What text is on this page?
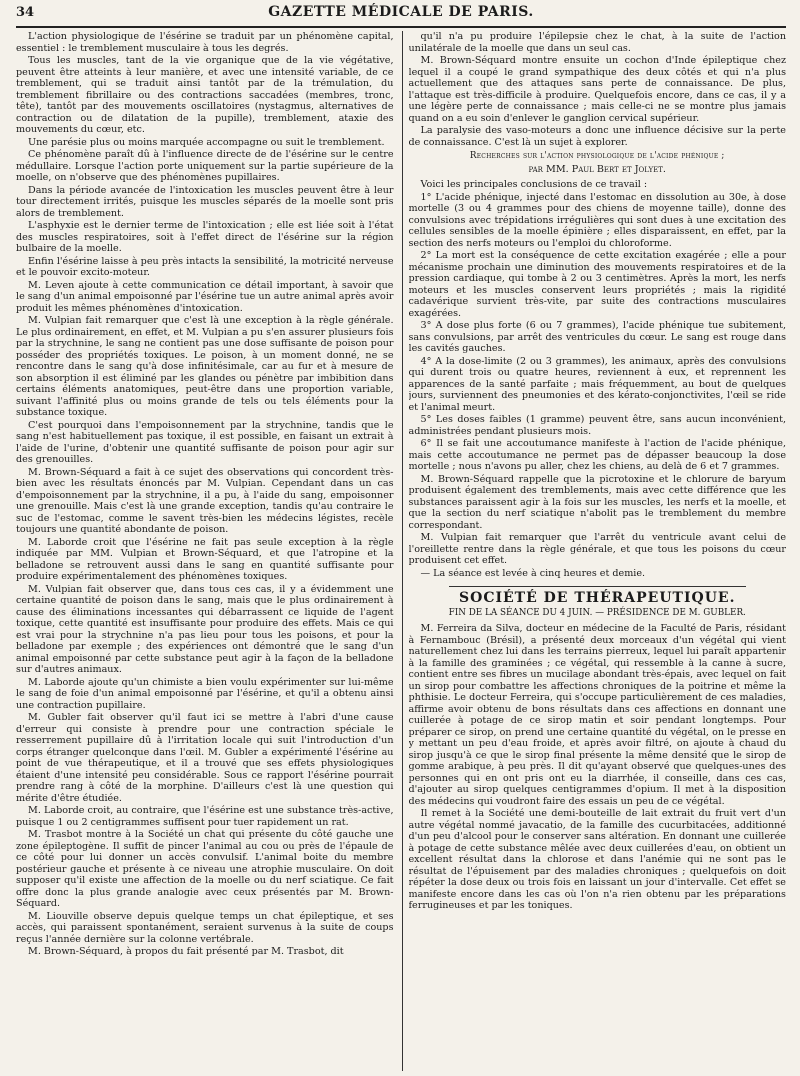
34	GAZETTE MÉDICALE DE PARIS.

L'action physiologique de l'ésérine se traduit par un phénomène capital, essentiel : le tremblement musculaire à tous les degrés.

Tous les muscles, tant de la vie organique que de la vie végétative, peuvent être atteints à leur manière, et avec une intensité variable, de ce tremblement, qui se traduit ainsi tantôt par de la trémulation, du tremblement fibrillaire ou des contractions saccadées (membres, tronc, tête), tantôt par des mouvements oscillatoires (nystagmus, alternatives de contraction ou de dilatation de la pupille), tremblement, ataxie des mouvements du cœur, etc.

Une parésie plus ou moins marquée accompagne ou suit le tremblement.

Ce phénomène paraît dû à l'influence directe de de l'ésérine sur le centre médullaire. Lorsque l'action porte uniquement sur la partie supérieure de la moelle, on n'observe que des phénomènes pupillaires.

Dans la période avancée de l'intoxication les muscles peuvent être à leur tour directement irrités, puisque les muscles séparés de la moelle sont pris alors de tremblement.

L'asphyxie est le dernier terme de l'intoxication ; elle est liée soit à l'état des muscles respiratoires, soit à l'effet direct de l'ésérine sur la région bulbaire de la moelle.

Enfin l'ésérine laisse à peu près intacts la sensibilité, la motricité nerveuse et le pouvoir excito-moteur.

M. Leven ajoute à cette communication ce détail important, à savoir que le sang d'un animal empoisonné par l'ésérine tue un autre animal après avoir produit les mêmes phénomènes d'intoxication.

M. Vulpian fait remarquer que c'est là une exception à la règle générale. Le plus ordinairement, en effet, et M. Vulpian a pu s'en assurer plusieurs fois par la strychnine, le sang ne contient pas une dose suffisante de poison pour posséder des propriétés toxiques. Le poison, à un moment donné, ne se rencontre dans le sang qu'à dose infinitésimale, car au fur et à mesure de son absorption il est éliminé par les glandes ou pénètre par imbibition dans certains éléments anatomiques, peut-être dans une proportion variable, suivant l'affinité plus ou moins grande de tels ou tels éléments pour la substance toxique.

C'est pourquoi dans l'empoisonnement par la strychnine, tandis que le sang n'est habituellement pas toxique, il est possible, en faisant un extrait à l'aide de l'urine, d'obtenir une quantité suffisante de poison pour agir sur des grenouilles.

M. Brown-Séquard a fait à ce sujet des observations qui concordent très-bien avec les résultats énoncés par M. Vulpian. Cependant dans un cas d'empoisonnement par la strychnine, il a pu, à l'aide du sang, empoisonner une grenouille. Mais c'est là une grande exception, tandis qu'au contraire le suc de l'estomac, comme le savent très-bien les médecins légistes, recèle toujours une quantité abondante de poison.

M. Laborde croit que l'ésérine ne fait pas seule exception à la règle indiquée par MM. Vulpian et Brown-Séquard, et que l'atropine et la belladone se retrouvent aussi dans le sang en quantité suffisante pour produire expérimentalement des phénomènes toxiques.

M. Vulpian fait observer que, dans tous ces cas, il y a évidemment une certaine quantité de poison dans le sang, mais que le plus ordinairement à cause des éliminations incessantes qui débarrassent ce liquide de l'agent toxique, cette quantité est insuffisante pour produire des effets. Mais ce qui est vrai pour la strychnine n'a pas lieu pour tous les poisons, et pour la belladone par exemple ; des expériences ont démontré que le sang d'un animal empoisonné par cette substance peut agir à la façon de la belladone sur d'autres animaux.

M. Laborde ajoute qu'un chimiste a bien voulu expérimenter sur lui-même le sang de foie d'un animal empoisonné par l'ésérine, et qu'il a obtenu ainsi une contraction pupillaire.

M. Gubler fait observer qu'il faut ici se mettre à l'abri d'une cause d'erreur qui consiste à prendre pour une contraction spéciale le resserrement pupillaire dû à l'irritation locale qui suit l'introduction d'un corps étranger quelconque dans l'œil. M. Gubler a expérimenté l'ésérine au point de vue thérapeutique, et il a trouvé que ses effets physiologiques étaient d'une intensité peu considérable. Sous ce rapport l'ésérine pourrait prendre rang à côté de la morphine. D'ailleurs c'est là une question qui mérite d'être étudiée.

M. Laborde croit, au contraire, que l'ésérine est une substance très-active, puisque 1 ou 2 centigrammes suffisent pour tuer rapidement un rat.

M. Trasbot montre à la Société un chat qui présente du côté gauche une zone épileptogène. Il suffit de pincer l'animal au cou ou près de l'épaule de ce côté pour lui donner un accès convulsif. L'animal boite du membre postérieur gauche et présente à ce niveau une atrophie musculaire. On doit supposer qu'il existe une affection de la moelle ou du nerf sciatique. Ce fait offre donc la plus grande analogie avec ceux présentés par M. Brown-Séquard.

M. Liouville observe depuis quelque temps un chat épileptique, et ses accès, qui paraissent spontanément, seraient survenus à la suite de coups reçus l'année dernière sur la colonne vertébrale.

M. Brown-Séquard, à propos du fait présenté par M. Trasbot, dit

qu'il n'a pu produire l'épilepsie chez le chat, à la suite de l'action unilatérale de la moelle que dans un seul cas.

M. Brown-Séquard montre ensuite un cochon d'Inde épileptique chez lequel il a coupé le grand sympathique des deux côtés et qui n'a plus actuellement que des attaques sans perte de connaissance. De plus, l'attaque est très-difficile à produire. Quelquefois encore, dans ce cas, il y a une légère perte de connaissance ; mais celle-ci ne se montre plus jamais quand on a eu soin d'enlever le ganglion cervical supérieur.

La paralysie des vaso-moteurs a donc une influence décisive sur la perte de connaissance. C'est là un sujet à explorer.

Recherches sur l'action physiologique de l'acide phénique ;
par MM. Paul Bert et Jolyet.

Voici les principales conclusions de ce travail :

1° L'acide phénique, injecté dans l'estomac en dissolution au 30e, à dose mortelle (3 ou 4 grammes pour des chiens de moyenne taille), donne des convulsions avec trépidations irrégulières qui sont dues à une excitation des cellules sensibles de la moelle épinière ; elles disparaissent, en effet, par la section des nerfs moteurs ou l'emploi du chloroforme.

2° La mort est la conséquence de cette excitation exagérée ; elle a pour mécanisme prochain une diminution des mouvements respiratoires et de la pression cardiaque, qui tombe à 2 ou 3 centimètres. Après la mort, les nerfs moteurs et les muscles conservent leurs propriétés ; mais la rigidité cadavérique survient très-vite, par suite des contractions musculaires exagérées.

3° A dose plus forte (6 ou 7 grammes), l'acide phénique tue subitement, sans convulsions, par arrêt des ventricules du cœur. Le sang est rouge dans les cavités gauches.

4° A la dose-limite (2 ou 3 grammes), les animaux, après des convulsions qui durent trois ou quatre heures, reviennent à eux, et reprennent les apparences de la santé parfaite ; mais fréquemment, au bout de quelques jours, surviennent des pneumonies et des kérato-conjonctivites, l'œil se ride et l'animal meurt.

5° Les doses faibles (1 gramme) peuvent être, sans aucun inconvénient, administrées pendant plusieurs mois.

6° Il se fait une accoutumance manifeste à l'action de l'acide phénique, mais cette accoutumance ne permet pas de dépasser beaucoup la dose mortelle ; nous n'avons pu aller, chez les chiens, au delà de 6 et 7 grammes.

M. Brown-Séquard rappelle que la picrotoxine et le chlorure de baryum produisent également des tremblements, mais avec cette différence que les substances paraissent agir à la fois sur les muscles, les nerfs et la moelle, et que la section du nerf sciatique n'abolit pas le tremblement du membre correspondant.

M. Vulpian fait remarquer que l'arrêt du ventricule avant celui de l'oreillette rentre dans la règle générale, et que tous les poisons du cœur produisent cet effet.

— La séance est levée à cinq heures et demie.

SOCIÉTÉ DE THÉRAPEUTIQUE.
FIN DE LA SÉANCE DU 4 JUIN. — PRÉSIDENCE DE M. GUBLER.

M. Ferreira da Silva, docteur en médecine de la Faculté de Paris, résidant à Fernambouc (Brésil), a présenté deux morceaux d'un végétal qui vient naturellement chez lui dans les terrains pierreux, lequel lui paraît appartenir à la famille des graminées ; ce végétal, qui ressemble à la canne à sucre, contient entre ses fibres un mucilage abondant très-épais, avec lequel on fait un sirop pour combattre les affections chroniques de la poitrine et même la phthisie. Le docteur Ferreira, qui s'occupe particulièrement de ces maladies, affirme avoir obtenu de bons résultats dans ces affections en donnant une cuillerée à potage de ce sirop matin et soir pendant longtemps. Pour préparer ce sirop, on prend une certaine quantité du végétal, on le presse en y mettant un peu d'eau froide, et après avoir filtré, on ajoute à chaud du sirop jusqu'à ce que le sirop final présente la même densité que le sirop de gomme arabique, à peu près. Il dit qu'ayant observé que quelques-unes des personnes qui en ont pris ont eu la diarrhée, il conseille, dans ces cas, d'ajouter au sirop quelques centigrammes d'opium. Il met à la disposition des médecins qui voudront faire des essais un peu de ce végétal.

Il remet à la Société une demi-bouteille de lait extrait du fruit vert d'un autre végétal nommé javacatio, de la famille des cucurbitacées, additionné d'un peu d'alcool pour le conserver sans altération. En donnant une cuillerée à potage de cette substance mêlée avec deux cuillerées d'eau, on obtient un excellent résultat dans la chlorose et dans l'anémie qui ne sont pas le résultat de l'épuisement par des maladies chroniques ; quelquefois on doit répéter la dose deux ou trois fois en laissant un jour d'intervalle. Cet effet se manifeste encore dans les cas où l'on n'a rien obtenu par les préparations ferrugineuses et par les toniques.
